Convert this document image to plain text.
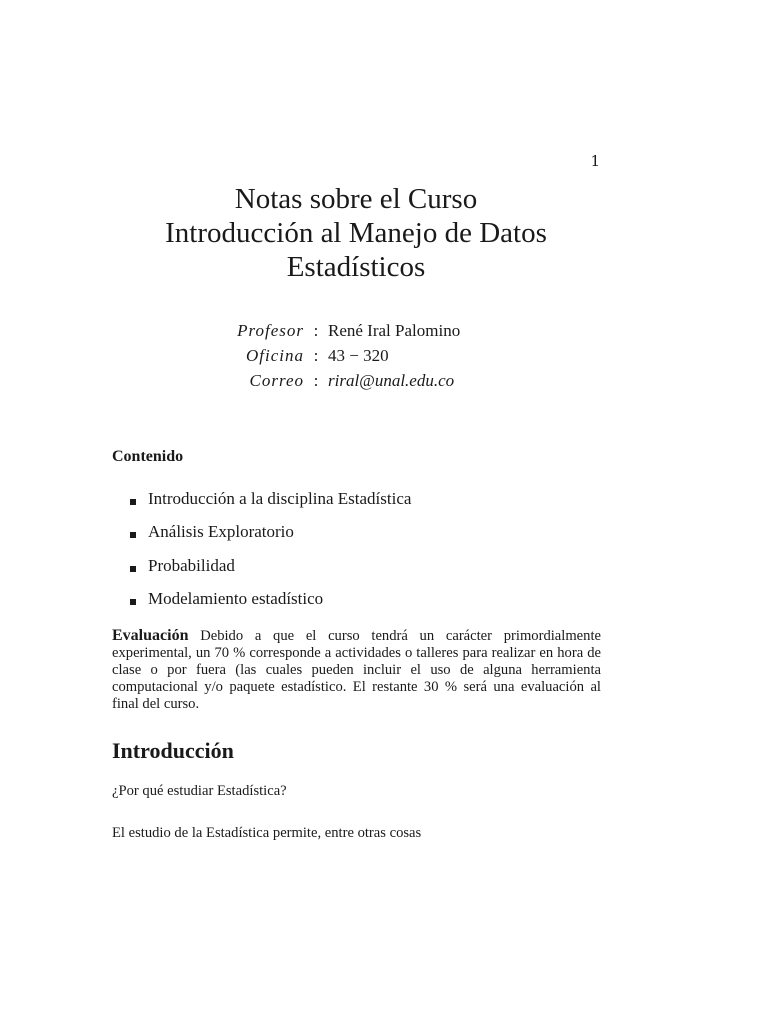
1
Notas sobre el Curso
Introducción al Manejo de Datos
Estadísticos
Profesor : René Iral Palomino
Oficina : 43 − 320
Correo : riral@unal.edu.co
Contenido
Introducción a la disciplina Estadística
Análisis Exploratorio
Probabilidad
Modelamiento estadístico

Evaluación Debido a que el curso tendrá un carácter primordialmente experimental, un 70 % corresponde a actividades o talleres para realizar en hora de clase o por fuera (las cuales pueden incluir el uso de alguna herramienta computacional y/o paquete estadístico. El restante 30 % será una evaluación al final del curso.

Introducción
¿Por qué estudiar Estadística?
El estudio de la Estadística permite, entre otras cosas
